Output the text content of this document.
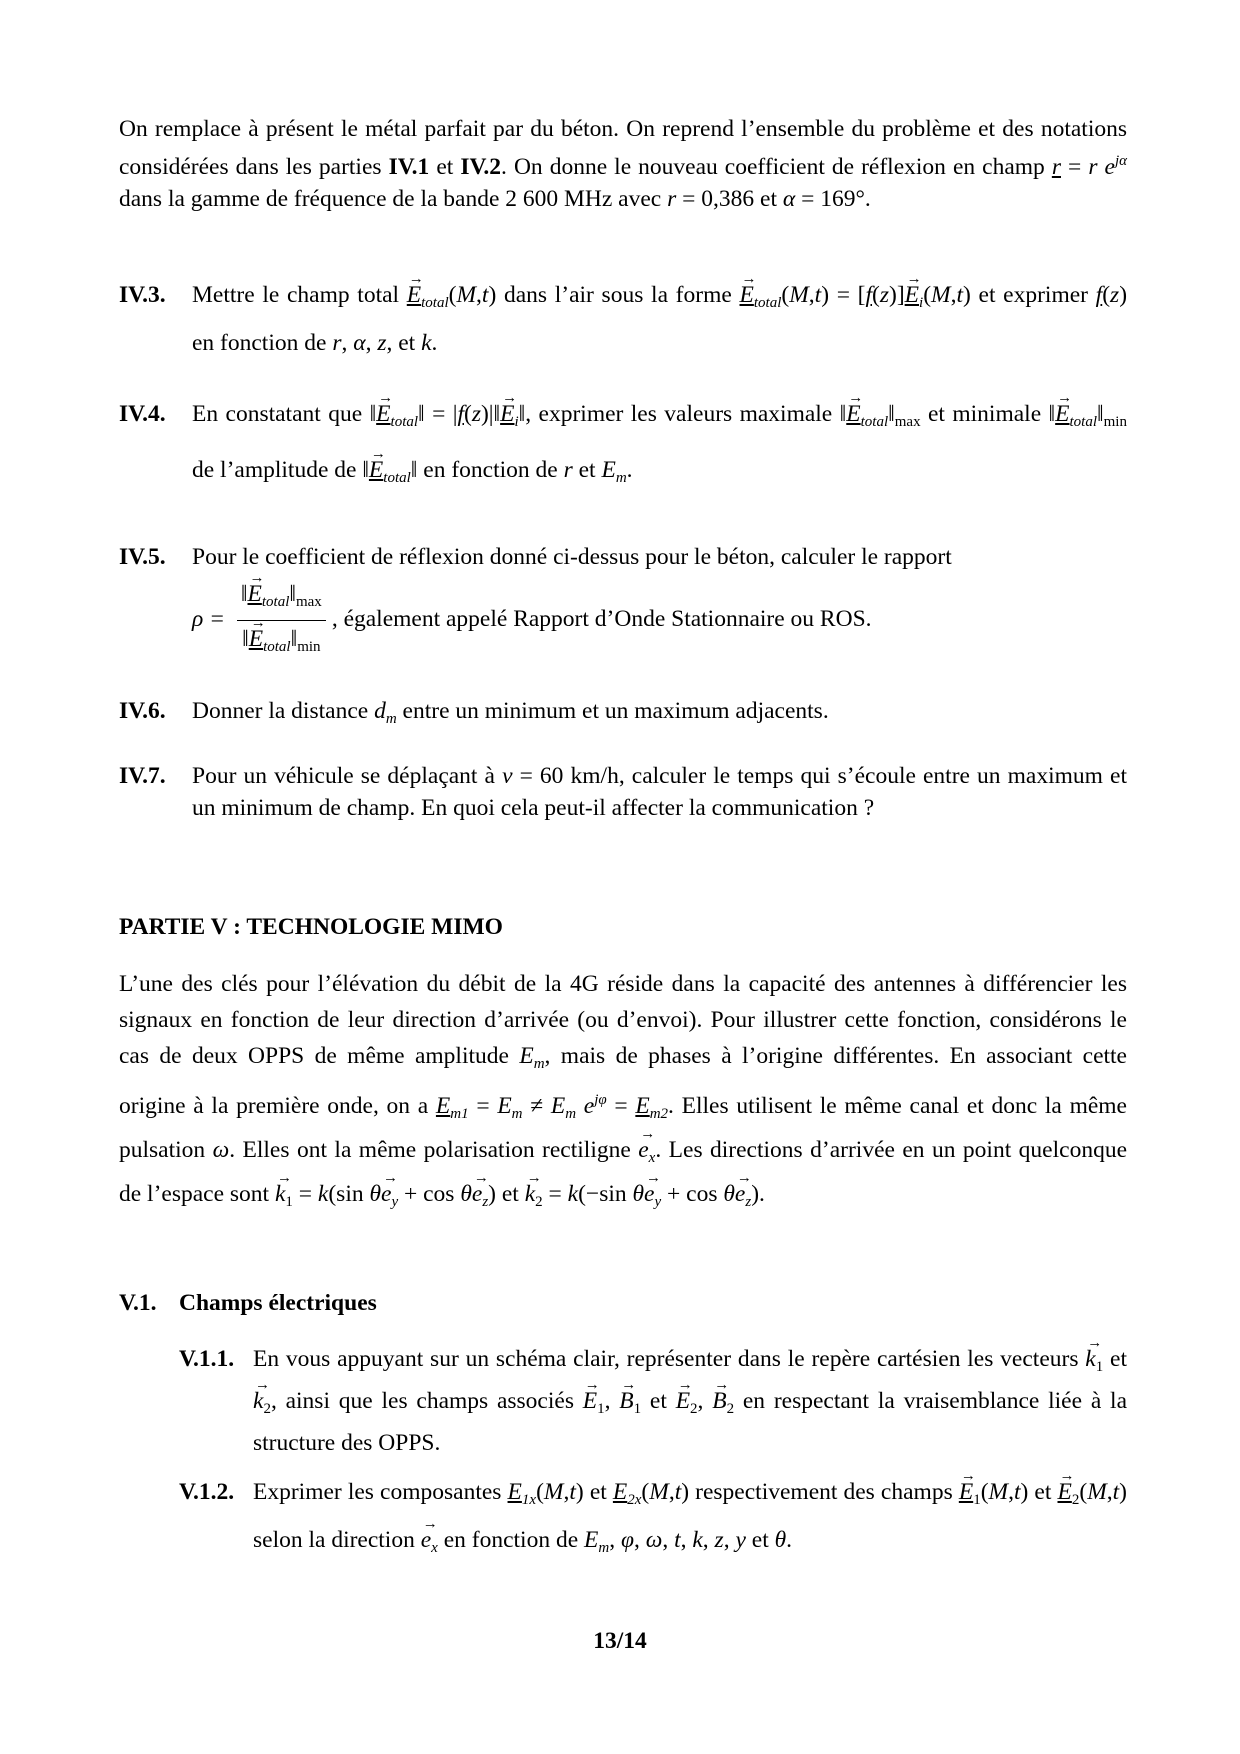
On remplace à présent le métal parfait par du béton. On reprend l’ensemble du problème et des notations considérées dans les parties IV.1 et IV.2. On donne le nouveau coefficient de réflexion en champ r = r $e^{j\alpha}$ dans la gamme de fréquence de la bande 2 600 MHz avec r = 0,386 et α = 169°.
IV.3.	Mettre le champ total → $E_{total}(M,t)$ dans l’air sous la forme → $E_{total}(M,t) = [f(z)]\to E_i(M,t)$ et exprimer f(z) en fonction de r, α, z, et k.
IV.4.	En constatant que ‖→ $E_{total}‖$ = |f(z)|‖→ $E_i‖$, exprimer les valeurs maximale ‖→ $E_{total}‖_{max}$ et minimale ‖→ $E_{total}‖_{min}$ de l’amplitude de ‖→ $E_{total}‖$ en fonction de r et $E_m$.
IV.5.	Pour le coefficient de réflexion donné ci-dessus pour le béton, calculer le rapport
$\rho = \frac{‖\to E_{total}‖_{max}}{‖\to E_{total}‖_{min}}$ , également appelé Rapport d’Onde Stationnaire ou ROS.
IV.6.	Donner la distance $d_m$ entre un minimum et un maximum adjacents.
IV.7.	Pour un véhicule se déplaçant à v = 60 km/h, calculer le temps qui s’écoule entre un maximum et un minimum de champ. En quoi cela peut-il affecter la communication ?
PARTIE V : TECHNOLOGIE MIMO
L’une des clés pour l’élévation du débit de la 4G réside dans la capacité des antennes à différencier les signaux en fonction de leur direction d’arrivée (ou d’envoi). Pour illustrer cette fonction, considérons le cas de deux OPPS de même amplitude $E_m$, mais de phases à l’origine différentes. En associant cette origine à la première onde, on a $E_{m1} = E_m \ne E_m$ $e^{j\varphi} = E_{m2}$. Elles utilisent le même canal et donc la même pulsation ω. Elles ont la même polarisation rectiligne → $e_x$. Les directions d’arrivée en un point quelconque de l’espace sont → $k_1 = k(\sin$ $\theta\to e_y + \cos \theta\to e_z$) et → $k_2 = k(-\sin$ $\theta\to e_y + \cos \theta\to e_z$).
V.1. Champs électriques
V.1.1. En vous appuyant sur un schéma clair, représenter dans le repère cartésien les vecteurs → $k_1$ et → $k_2$, ainsi que les champs associés → $E_1$, → $B_1$ et → $E_2$, → $B_2$ en respectant la vraisemblance liée à la structure des OPPS.
V.1.2. Exprimer les composantes $E_{1x}(M,t)$ et $E_{2x}(M,t)$ respectivement des champs → $E_1(M,t)$ et → $E_2(M,t)$ selon la direction → $e_x$ en fonction de $E_m$, φ, ω, t, k, z, y et θ.
13/14
